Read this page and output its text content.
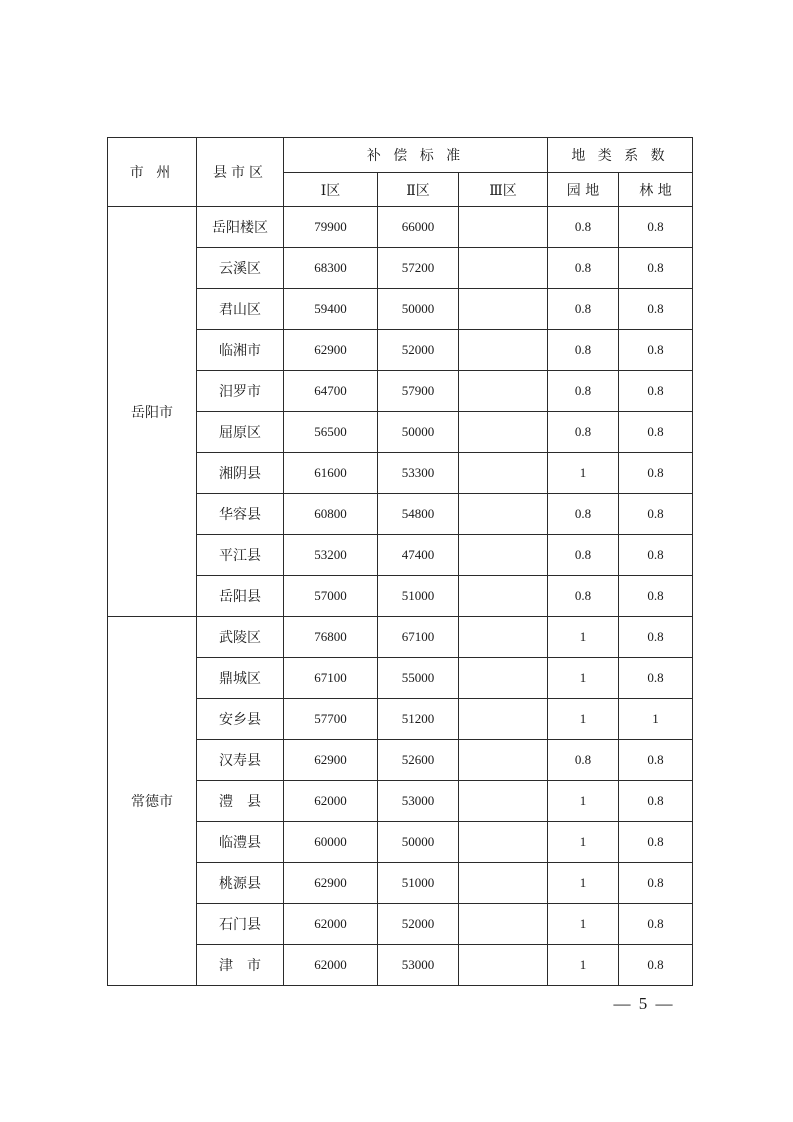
市 州	县市区	补 偿 标 准			地 类 系 数	
		Ⅰ区	Ⅱ区	Ⅲ区	园 地	林 地
岳阳市	岳阳楼区	79900	66000		0.8	0.8
	云溪区	68300	57200		0.8	0.8
	君山区	59400	50000		0.8	0.8
	临湘市	62900	52000		0.8	0.8
	汨罗市	64700	57900		0.8	0.8
	屈原区	56500	50000		0.8	0.8
	湘阴县	61600	53300		1	0.8
	华容县	60800	54800		0.8	0.8
	平江县	53200	47400		0.8	0.8
	岳阳县	57000	51000		0.8	0.8
常德市	武陵区	76800	67100		1	0.8
	鼎城区	67100	55000		1	0.8
	安乡县	57700	51200		1	1
	汉寿县	62900	52600		0.8	0.8
	澧　县	62000	53000		1	0.8
	临澧县	60000	50000		1	0.8
	桃源县	62900	51000		1	0.8
	石门县	62000	52000		1	0.8
	津　市	62000	53000		1	0.8
— 5 —
